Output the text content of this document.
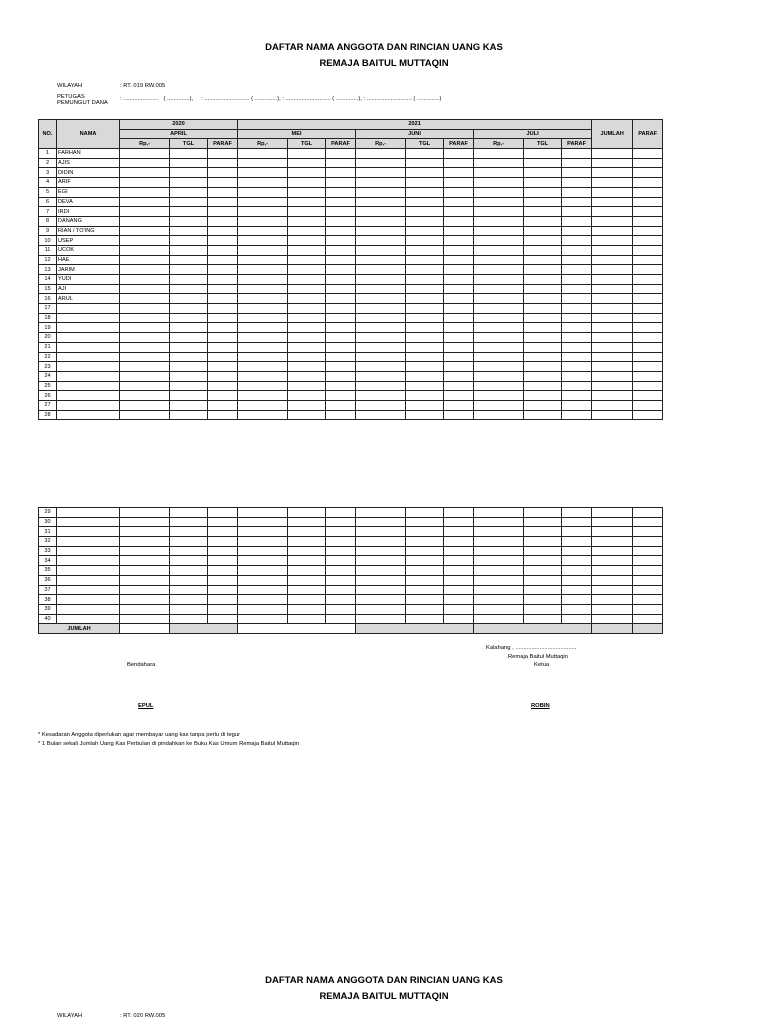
DAFTAR NAMA ANGGOTA DAN RINCIAN UANG KAS
REMAJA BAITUL MUTTAQIN
WILAYAH	: RT. 019 RW.005
PETUGAS
PEMUNGUT DANA
: ......................   ( ..............),     : ............................ ( ..............), : ............................ ( ..............), : ............................ ( ..............)
NO.	NAMA	2020			2021									JUMLAH	PARAF
		APRIL			MEI			JUNI			JULI				
		Rp,-	TGL	PARAF	Rp,-	TGL	PARAF	Rp,-	TGL	PARAF	Rp,-	TGL	PARAF		
1	FARHAN														
2	AJIS														
3	DIDIN														
4	ARIF														
5	EGI														
6	DEVA														
7	IRDI														
8	DANANG														
9	RIAN / TO'ING														
10	USEP														
11	UCOK														
12	HAE														
13	JARIM														
14	YUDI														
15	AJI														
16	ARUL														
17															
18															
19															
20															
21															
22															
23															
24															
25															
26															
27															
28															
29															
30															
31															
32															
33															
34															
35															
36															
37															
38															
39															
40															
JUMLAH															
Kalahang , ......................................
Remaja Baitul Muttaqin
Ketua
Bendahara
EPUL	ROBIN
* Kesadaran Anggota diperlukan agar membayar uang kas tanpa perlu di tegur
* 1 Bulan sekali Jumlah Uang Kas Perbulan di pindahkan ke Buku Kas Umum Remaja Baitul Muttaqin
DAFTAR NAMA ANGGOTA DAN RINCIAN UANG KAS
REMAJA BAITUL MUTTAQIN
WILAYAH	: RT. 020 RW.005
